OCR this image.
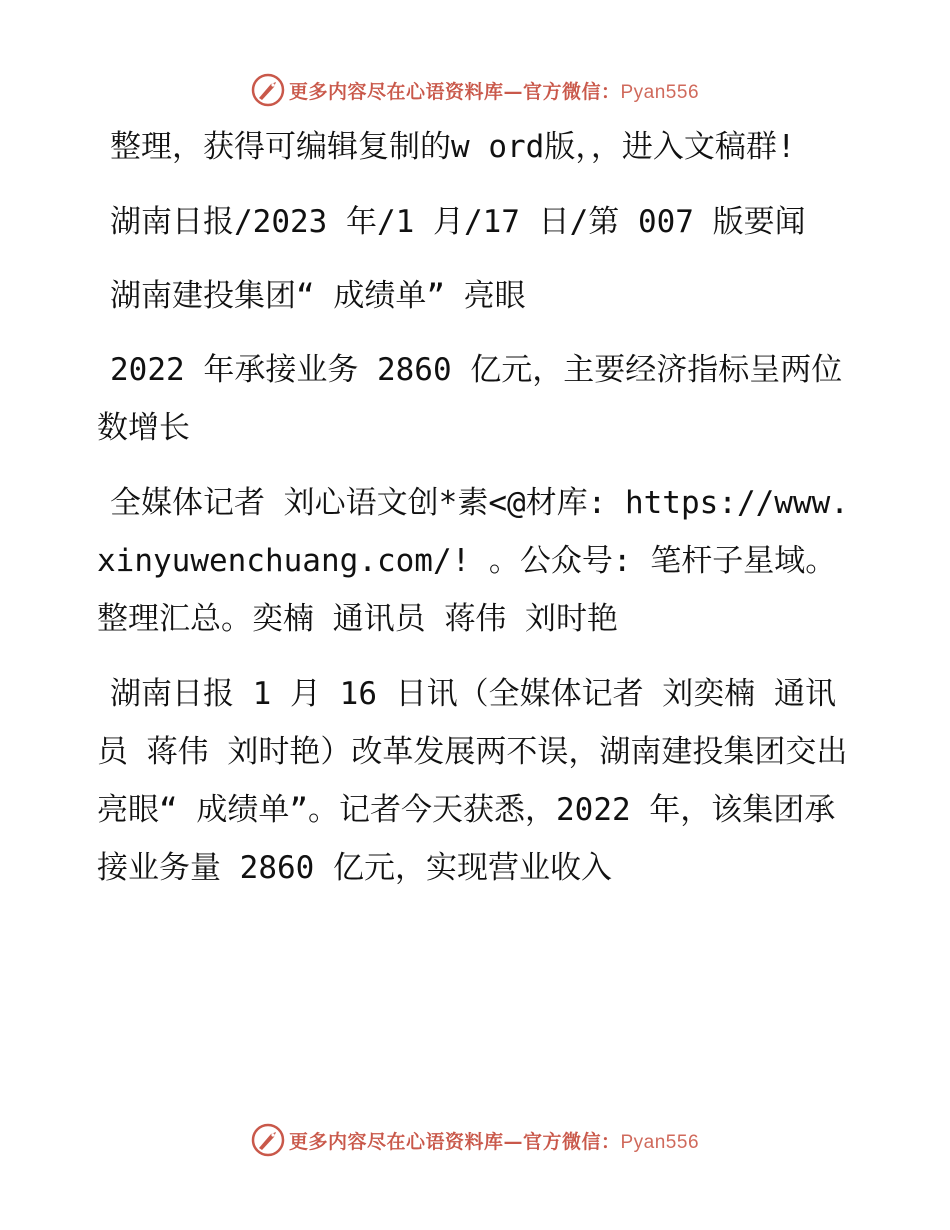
更多内容尽在心语资料库—官方微信：Pyan556

整理，获得可编辑复制的w ord版，，进入文稿群!

湖南日报/2023 年/1 月/17 日/第 007 版要闻

湖南建投集团“ 成绩单” 亮眼

2022 年承接业务 2860 亿元，主要经济指标呈两位数增长

全媒体记者 刘心语文创*素<@材库: https://www.xinyuwenchuang.com/! 。公众号: 笔杆子星域。整理汇总。奕楠 通讯员 蒋伟 刘时艳

湖南日报 1 月 16 日讯（全媒体记者 刘奕楠 通讯员 蒋伟 刘时艳）改革发展两不误，湖南建投集团交出亮眼“ 成绩单”。记者今天获悉，2022 年，该集团承接业务量 2860 亿元，实现营业收入

更多内容尽在心语资料库—官方微信：Pyan556
